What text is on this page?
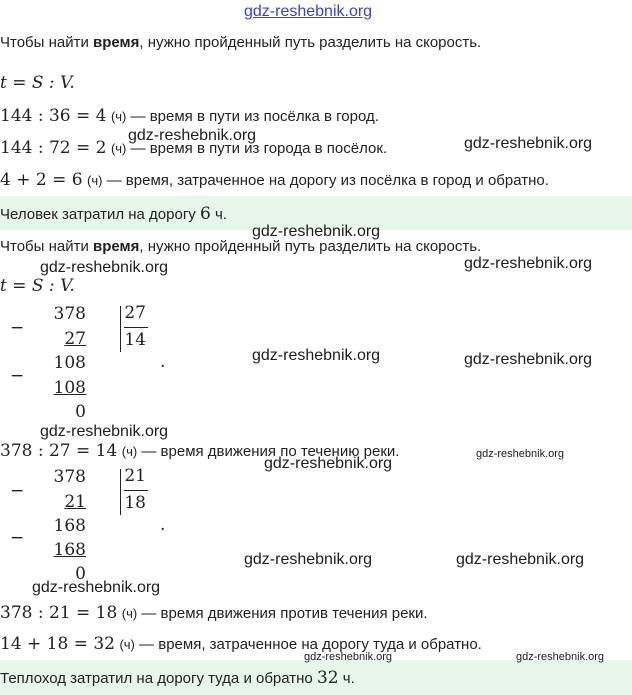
gdz-reshebnik.org
Чтобы найти время, нужно пройденный путь разделить на скорость.
t = S : V.
144 : 36 = 4 (ч) — время в пути из посёлка в город.
144 : 72 = 2 (ч) — время в пути из города в посёлок.
4 + 2 = 6 (ч) — время, затраченное на дорогу из посёлка в город и обратно.
Человек затратил на дорогу 6 ч.
Чтобы найти время, нужно пройденный путь разделить на скорость.
t = S : V.
−
378
27
27
14
−
108
108
0
.
378 : 27 = 14 (ч) — время движения по течению реки.
−
378
21
21
18
−
168
168
0
.
378 : 21 = 18 (ч) — время движения против течения реки.
14 + 18 = 32 (ч) — время, затраченное на дорогу туда и обратно.
Теплоход затратил на дорогу туда и обратно 32 ч.
gdz-reshebnik.org	gdz-reshebnik.org
gdz-reshebnik.org
gdz-reshebnik.org	gdz-reshebnik.org
gdz-reshebnik.org	gdz-reshebnik.org
gdz-reshebnik.org
gdz-reshebnik.org
gdz-reshebnik.org
gdz-reshebnik.org	gdz-reshebnik.org
gdz-reshebnik.org
gdz-reshebnik.org	gdz-reshebnik.org
